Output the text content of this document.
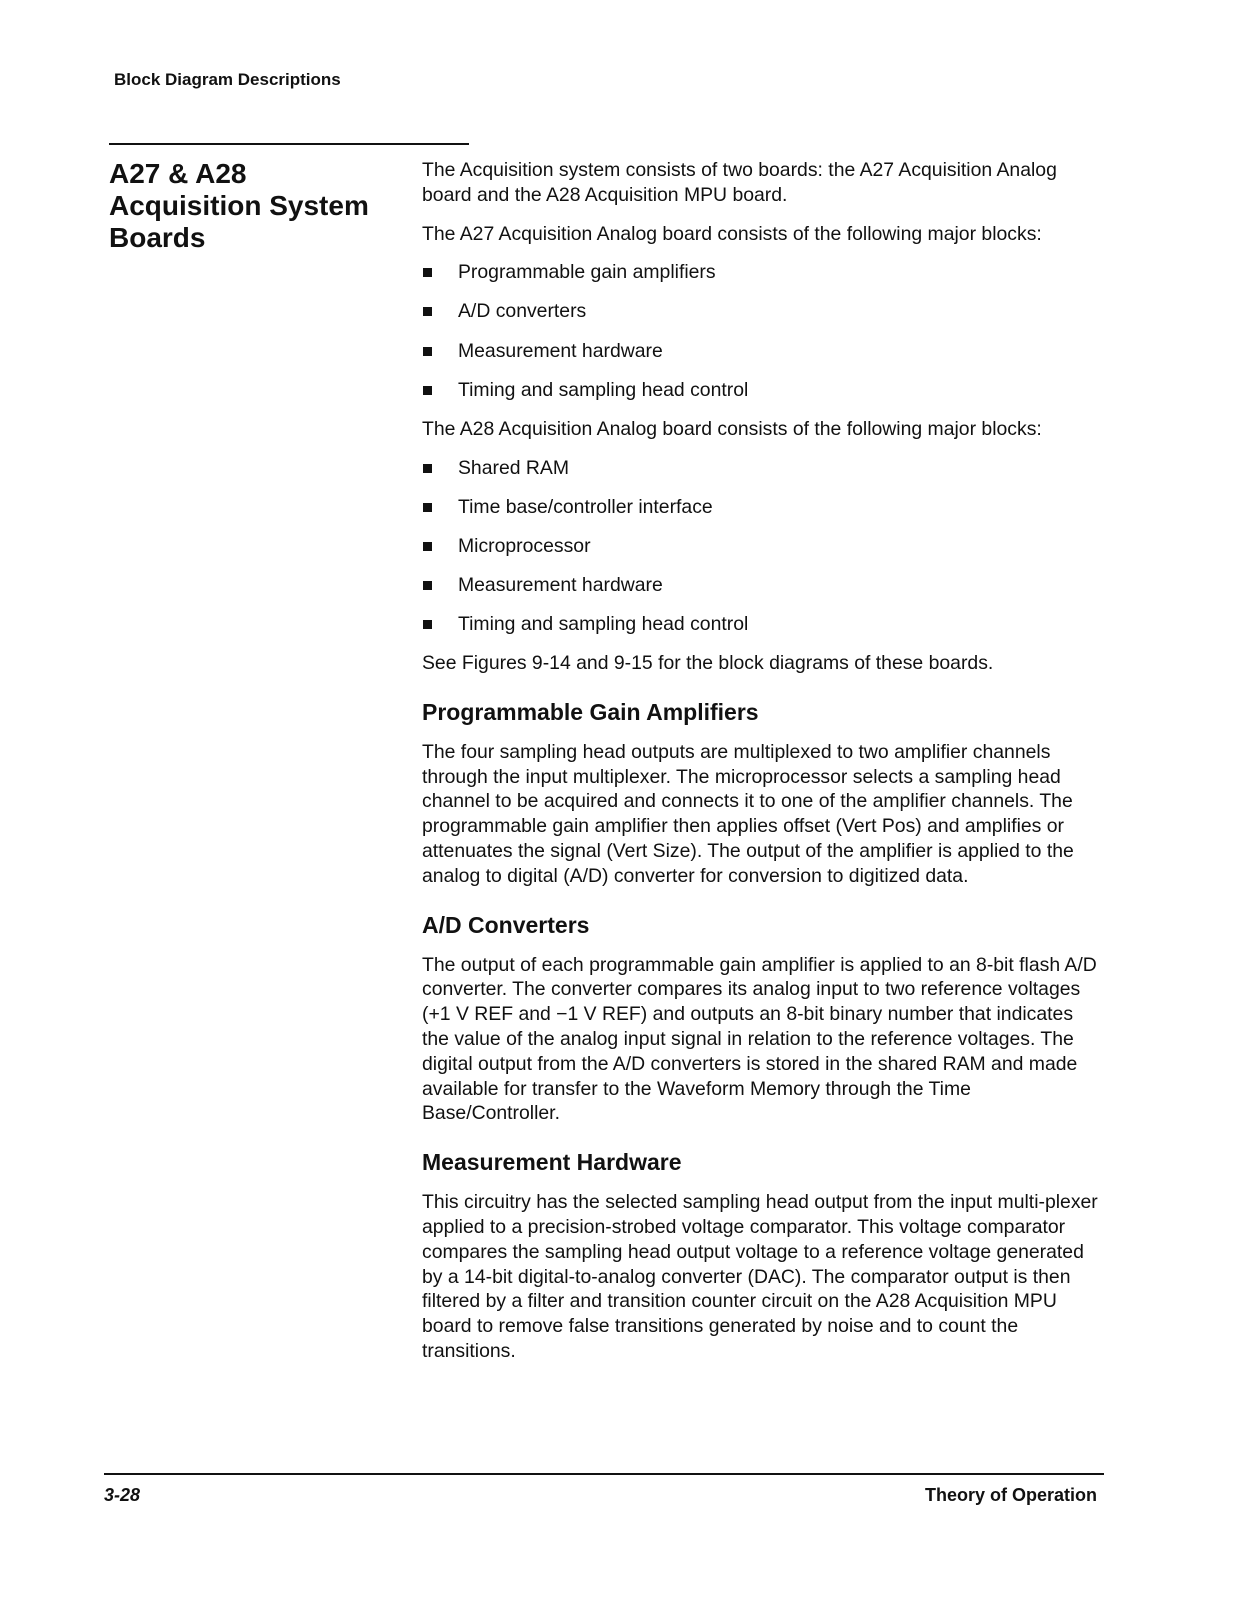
Block Diagram Descriptions
A27 & A28
Acquisition System
Boards

The Acquisition system consists of two boards: the A27 Acquisition Analog board and the A28 Acquisition MPU board.

The A27 Acquisition Analog board consists of the following major blocks:

Programmable gain amplifiers
A/D converters
Measurement hardware
Timing and sampling head control

The A28 Acquisition Analog board consists of the following major blocks:

Shared RAM
Time base/controller interface
Microprocessor
Measurement hardware
Timing and sampling head control

See Figures 9-14 and 9-15 for the block diagrams of these boards.

Programmable Gain Amplifiers

The four sampling head outputs are multiplexed to two amplifier channels through the input multiplexer. The microprocessor selects a sampling head channel to be acquired and connects it to one of the amplifier channels. The programmable gain amplifier then applies offset (Vert Pos) and amplifies or attenuates the signal (Vert Size). The output of the amplifier is applied to the analog to digital (A/D) converter for conversion to digitized data.

A/D Converters

The output of each programmable gain amplifier is applied to an 8-bit flash A/D converter. The converter compares its analog input to two reference voltages (+1 V REF and −1 V REF) and outputs an 8-bit binary number that indicates the value of the analog input signal in relation to the reference voltages. The digital output from the A/D converters is stored in the shared RAM and made available for transfer to the Waveform Memory through the Time Base/Controller.

Measurement Hardware

This circuitry has the selected sampling head output from the input multi-plexer applied to a precision-strobed voltage comparator. This voltage comparator compares the sampling head output voltage to a reference voltage generated by a 14-bit digital-to-analog converter (DAC). The comparator output is then filtered by a filter and transition counter circuit on the A28 Acquisition MPU board to remove false transitions generated by noise and to count the transitions.

3-28	Theory of Operation
